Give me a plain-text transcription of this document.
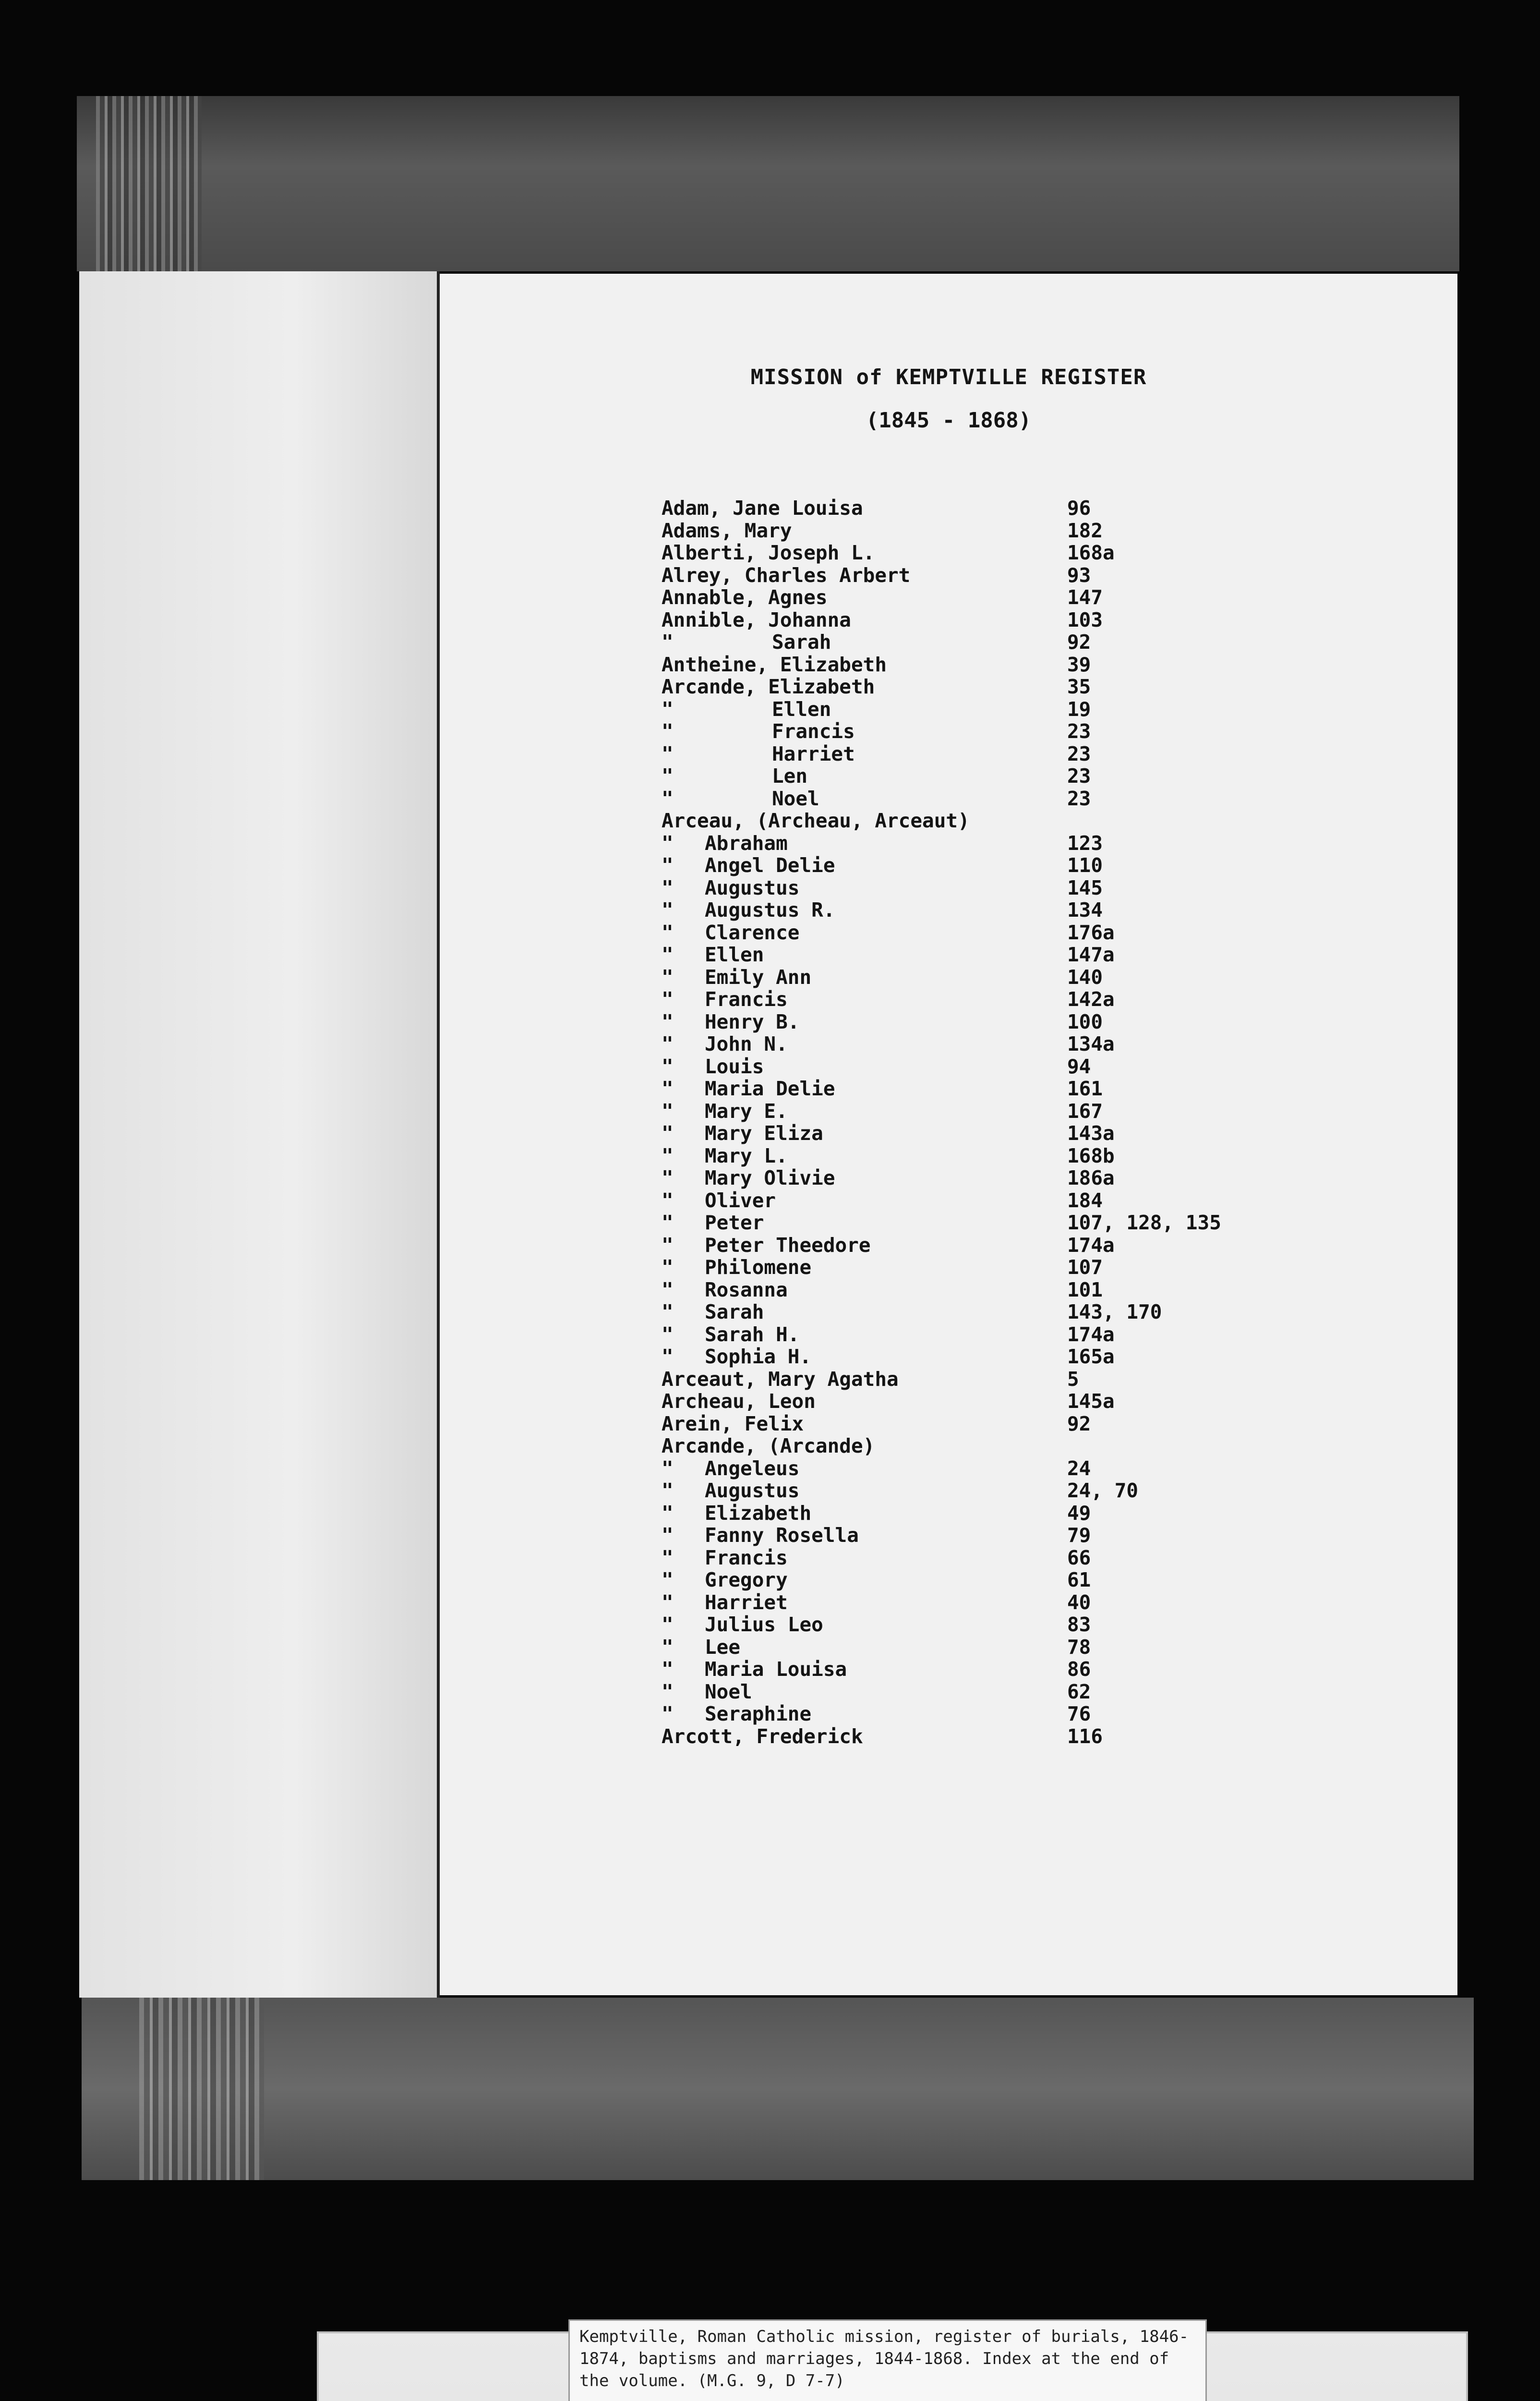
MISSION of KEMPTVILLE REGISTER
(1845 - 1868)
Adam, Jane Louisa	96
Adams, Mary	182
Alberti, Joseph L.	168a
Alrey, Charles Arbert	93
Annable, Agnes	147
Annible, Johanna	103
"	Sarah	92
Antheine, Elizabeth	39
Arcande, Elizabeth	35
"	Ellen	19
"	Francis	23
"	Harriet	23
"	Len	23
"	Noel	23
Arceau, (Archeau, Arceaut)
" Abraham	123
" Angel Delie	110
" Augustus	145
" Augustus R.	134
" Clarence	176a
" Ellen	147a
" Emily Ann	140
" Francis	142a
" Henry B.	100
" John N.	134a
" Louis	94
" Maria Delie	161
" Mary E.	167
" Mary Eliza	143a
" Mary L.	168b
" Mary Olivie	186a
" Oliver	184
" Peter	107, 128, 135
" Peter Theedore	174a
" Philomene	107
" Rosanna	101
" Sarah	143, 170
" Sarah H.	174a
" Sophia H.	165a
Arceaut, Mary Agatha	5
Archeau, Leon	145a
Arein, Felix	92
Arcande, (Arcande)
" Angeleus	24
" Augustus	24, 70
" Elizabeth	49
" Fanny Rosella	79
" Francis	66
" Gregory	61
" Harriet	40
" Julius Leo	83
" Lee	78
" Maria Louisa	86
" Noel	62
" Seraphine	76
Arcott, Frederick	116
Kemptville, Roman Catholic mission, register of burials, 1846-1874, baptisms and marriages, 1844-1868. Index at the end of the volume. (M.G. 9, D 7-7)
